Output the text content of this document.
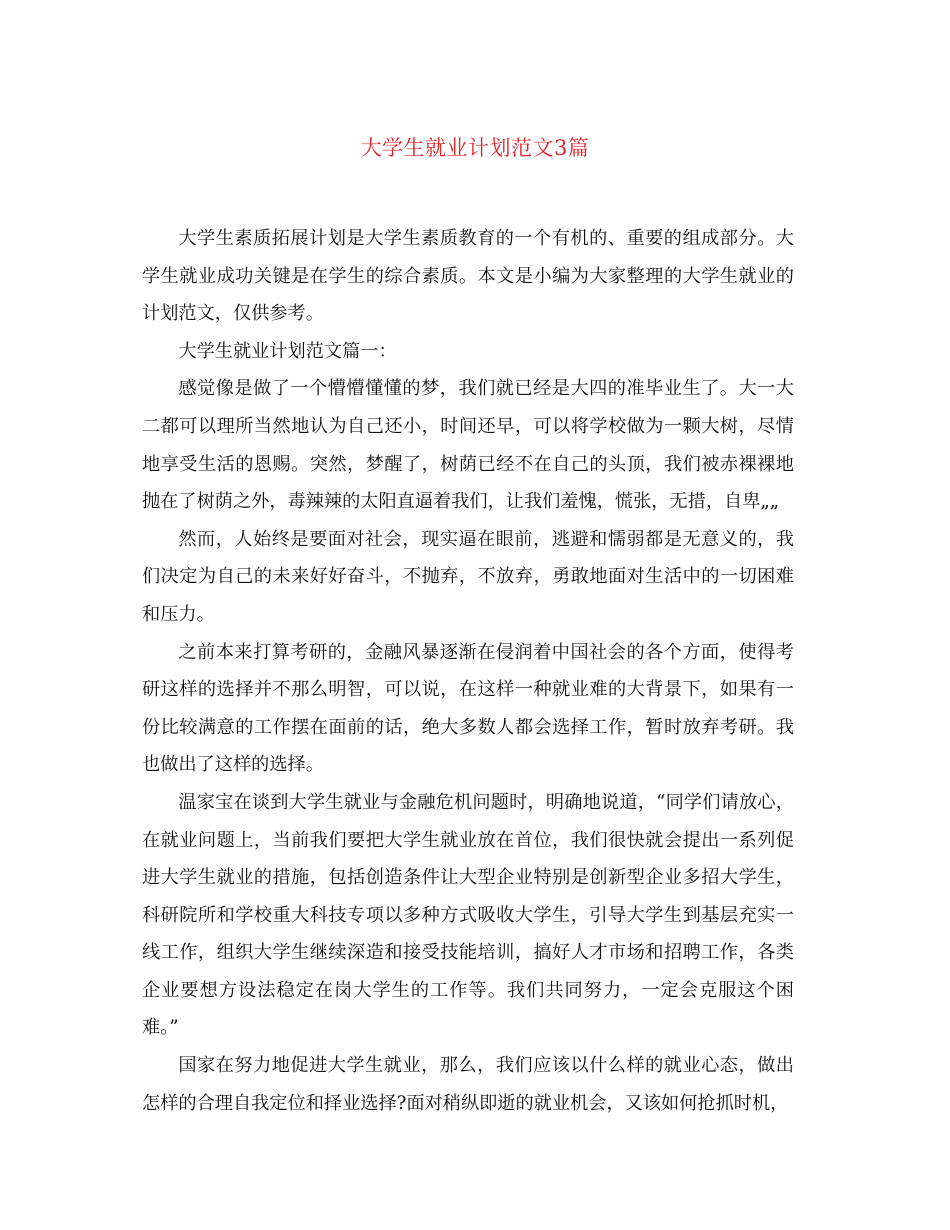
大学生就业计划范文3篇

大学生素质拓展计划是大学生素质教育的一个有机的、重要的组成部分。大学生就业成功关键是在学生的综合素质。本文是小编为大家整理的大学生就业的计划范文，仅供参考。

大学生就业计划范文篇一：

感觉像是做了一个懵懵懂懂的梦，我们就已经是大四的准毕业生了。大一大二都可以理所当然地认为自己还小，时间还早，可以将学校做为一颗大树，尽情地享受生活的恩赐。突然，梦醒了，树荫已经不在自己的头顶，我们被赤裸裸地抛在了树荫之外，毒辣辣的太阳直逼着我们，让我们羞愧，慌张，无措，自卑„„

然而，人始终是要面对社会，现实逼在眼前，逃避和懦弱都是无意义的，我们决定为自己的未来好好奋斗，不抛弃，不放弃，勇敢地面对生活中的一切困难和压力。

之前本来打算考研的，金融风暴逐渐在侵润着中国社会的各个方面，使得考研这样的选择并不那么明智，可以说，在这样一种就业难的大背景下，如果有一份比较满意的工作摆在面前的话，绝大多数人都会选择工作，暂时放弃考研。我也做出了这样的选择。

温家宝在谈到大学生就业与金融危机问题时，明确地说道，“同学们请放心，在就业问题上，当前我们要把大学生就业放在首位，我们很快就会提出一系列促进大学生就业的措施，包括创造条件让大型企业特别是创新型企业多招大学生，科研院所和学校重大科技专项以多种方式吸收大学生，引导大学生到基层充实一线工作，组织大学生继续深造和接受技能培训，搞好人才市场和招聘工作，各类企业要想方设法稳定在岗大学生的工作等。我们共同努力，一定会克服这个困难。”

国家在努力地促进大学生就业，那么，我们应该以什么样的就业心态，做出怎样的合理自我定位和择业选择?面对稍纵即逝的就业机会，又该如何抢抓时机，
